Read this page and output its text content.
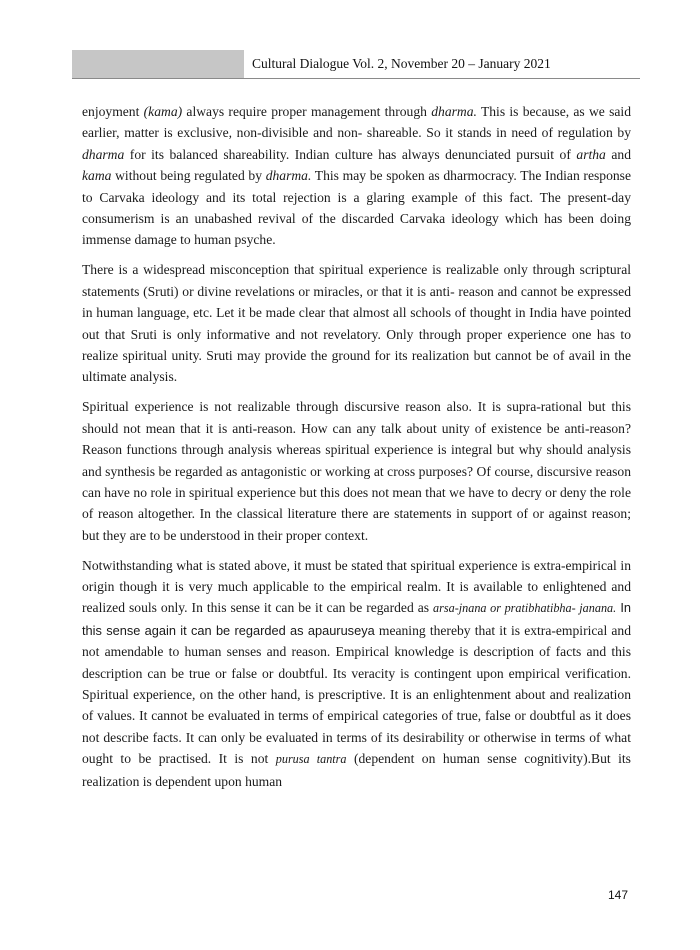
Cultural Dialogue Vol. 2, November 20 – January 2021

enjoyment (kama) always require proper management through dharma. This is because, as we said earlier, matter is exclusive, non-divisible and non- shareable. So it stands in need of regulation by dharma for its balanced shareability. Indian culture has always denunciated pursuit of artha and kama without being regulated by dharma. This may be spoken as dharmocracy. The Indian response to Carvaka ideology and its total rejection is a glaring example of this fact. The present-day consumerism is an unabashed revival of the discarded Carvaka ideology which has been doing immense damage to human psyche.

There is a widespread misconception that spiritual experience is realizable only through scriptural statements (Sruti) or divine revelations or miracles, or that it is anti- reason and cannot be expressed in human language, etc. Let it be made clear that almost all schools of thought in India have pointed out that Sruti is only informative and not revelatory. Only through proper experience one has to realize spiritual unity. Sruti may provide the ground for its realization but cannot be of avail in the ultimate analysis.

Spiritual experience is not realizable through discursive reason also. It is supra-rational but this should not mean that it is anti-reason. How can any talk about unity of existence be anti-reason? Reason functions through analysis whereas spiritual experience is integral but why should analysis and synthesis be regarded as antagonistic or working at cross purposes? Of course, discursive reason can have no role in spiritual experience but this does not mean that we have to decry or deny the role of reason altogether. In the classical literature there are statements in support of or against reason; but they are to be understood in their proper context.

Notwithstanding what is stated above, it must be stated that spiritual experience is extra-empirical in origin though it is very much applicable to the empirical realm. It is available to enlightened and realized souls only. In this sense it can be it can be regarded as arsa-jnana or pratibhatibha- janana. In this sense again it can be regarded as apauruseya meaning thereby that it is extra-empirical and not amendable to human senses and reason. Empirical knowledge is description of facts and this description can be true or false or doubtful. Its veracity is contingent upon empirical verification. Spiritual experience, on the other hand, is prescriptive. It is an enlightenment about and realization of values. It cannot be evaluated in terms of empirical categories of true, false or doubtful as it does not describe facts. It can only be evaluated in terms of its desirability or otherwise in terms of what ought to be practised. It is not purusa tantra (dependent on human sense cognitivity).But its realization is dependent upon human

147
